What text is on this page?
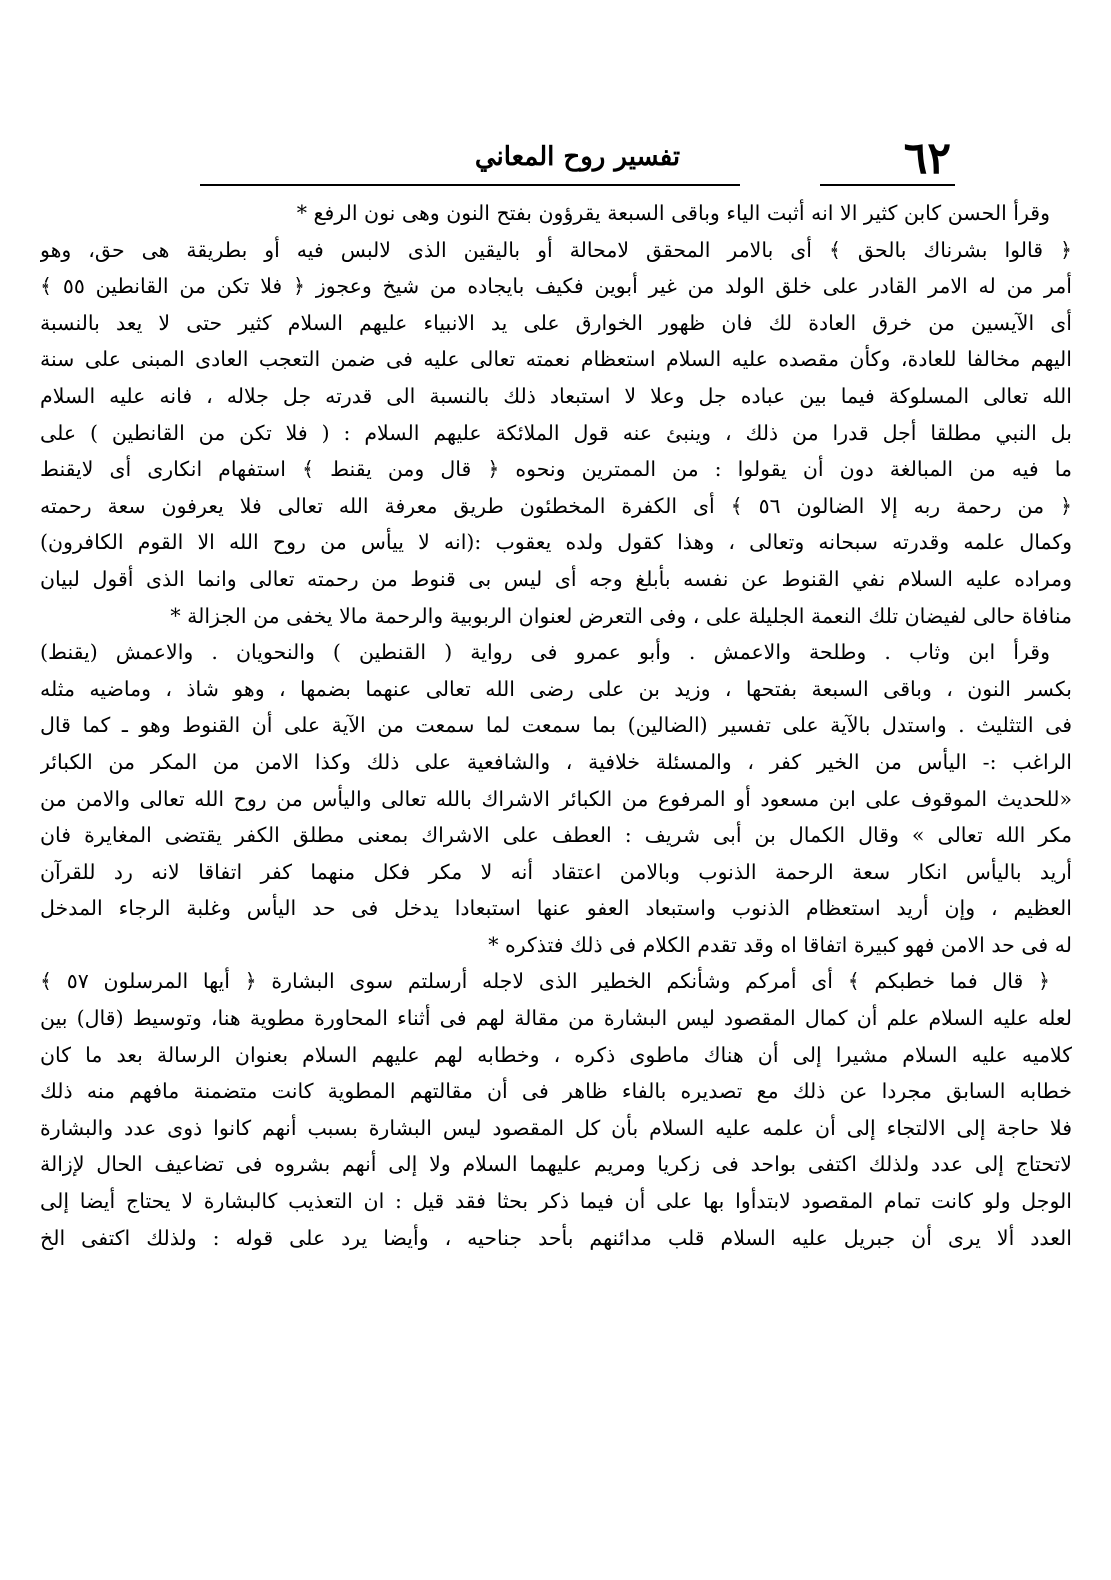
٦٢
تفسير روح المعاني
وقرأ الحسن كابن كثير الا انه أثبت الياء وباقى السبعة يقرؤون بفتح النون وهى نون الرفع *
﴿ قالوا بشرناك بالحق ﴾ أى بالامر المحقق لامحالة أو باليقين الذى لالبس فيه أو بطريقة هى حق، وهو
أمر من له الامر القادر على خلق الولد من غير أبوين فكيف بايجاده من شيخ وعجوز ﴿ فلا تكن من القانطين ٥٥ ﴾
أى الآيسين من خرق العادة لك فان ظهور الخوارق على يد الانبياء عليهم السلام كثير حتى لا يعد بالنسبة
اليهم مخالفا للعادة، وكأن مقصده عليه السلام استعظام نعمته تعالى عليه فى ضمن التعجب العادى المبنى على سنة
الله تعالى المسلوكة فيما بين عباده جل وعلا لا استبعاد ذلك بالنسبة الى قدرته جل جلاله ، فانه عليه السلام
بل النبي مطلقا أجل قدرا من ذلك ، وينبئ عنه قول الملائكة عليهم السلام : ( فلا تكن من القانطين ) على
ما فيه من المبالغة دون أن يقولوا : من الممترين ونحوه ﴿ قال ومن يقنط ﴾ استفهام انكارى أى لايقنط
﴿ من رحمة ربه إلا الضالون ٥٦ ﴾ أى الكفرة المخطئون طريق معرفة الله تعالى فلا يعرفون سعة رحمته
وكمال علمه وقدرته سبحانه وتعالى ، وهذا كقول ولده يعقوب :(انه لا ييأس من روح الله الا القوم الكافرون)
ومراده عليه السلام نفي القنوط عن نفسه بأبلغ وجه أى ليس بى قنوط من رحمته تعالى وانما الذى أقول لبيان
منافاة حالى لفيضان تلك النعمة الجليلة على ، وفى التعرض لعنوان الربوبية والرحمة مالا يخفى من الجزالة *
وقرأ ابن وثاب . وطلحة والاعمش . وأبو عمرو فى رواية ( القنطين ) والنحويان . والاعمش (يقنط)
بكسر النون ، وباقى السبعة بفتحها ، وزيد بن على رضى الله تعالى عنهما بضمها ، وهو شاذ ، وماضيه مثله
فى التثليث . واستدل بالآية على تفسير (الضالين) بما سمعت لما سمعت من الآية على أن القنوط وهو ـ كما قال
الراغب :- اليأس من الخير كفر ، والمسئلة خلافية ، والشافعية على ذلك وكذا الامن من المكر من الكبائر
«للحديث الموقوف على ابن مسعود أو المرفوع من الكبائر الاشراك بالله تعالى واليأس من روح الله تعالى والامن من
مكر الله تعالى » وقال الكمال بن أبى شريف : العطف على الاشراك بمعنى مطلق الكفر يقتضى المغايرة فان
أريد باليأس انكار سعة الرحمة الذنوب وبالامن اعتقاد أنه لا مكر فكل منهما كفر اتفاقا لانه رد للقرآن
العظيم ، وإن أريد استعظام الذنوب واستبعاد العفو عنها استبعادا يدخل فى حد اليأس وغلبة الرجاء المدخل
له فى حد الامن فهو كبيرة اتفاقا اه وقد تقدم الكلام فى ذلك فتذكره *
﴿ قال فما خطبكم ﴾ أى أمركم وشأنكم الخطير الذى لاجله أرسلتم سوى البشارة ﴿ أيها المرسلون ٥٧ ﴾
لعله عليه السلام علم أن كمال المقصود ليس البشارة من مقالة لهم فى أثناء المحاورة مطوية هنا، وتوسيط (قال) بين
كلاميه عليه السلام مشيرا إلى أن هناك ماطوى ذكره ، وخطابه لهم عليهم السلام بعنوان الرسالة بعد ما كان
خطابه السابق مجردا عن ذلك مع تصديره بالفاء ظاهر فى أن مقالتهم المطوية كانت متضمنة مافهم منه ذلك
فلا حاجة إلى الالتجاء إلى أن علمه عليه السلام بأن كل المقصود ليس البشارة بسبب أنهم كانوا ذوى عدد والبشارة
لاتحتاج إلى عدد ولذلك اكتفى بواحد فى زكريا ومريم عليهما السلام ولا إلى أنهم بشروه فى تضاعيف الحال لإزالة
الوجل ولو كانت تمام المقصود لابتدأوا بها على أن فيما ذكر بحثا فقد قيل : ان التعذيب كالبشارة لا يحتاج أيضا إلى
العدد ألا يرى أن جبريل عليه السلام قلب مدائنهم بأحد جناحيه ، وأيضا يرد على قوله : ولذلك اكتفى الخ
